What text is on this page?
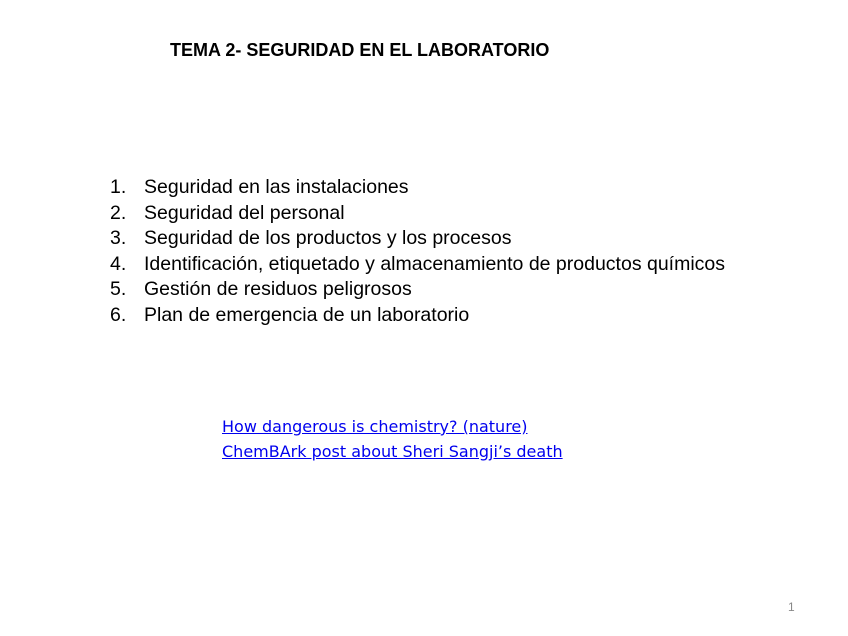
TEMA 2- SEGURIDAD EN EL LABORATORIO
1. Seguridad en las instalaciones
2. Seguridad del personal
3. Seguridad de los productos y los procesos
4. Identificación, etiquetado y almacenamiento de productos químicos
5. Gestión de residuos peligrosos
6. Plan de emergencia de un laboratorio
How dangerous is chemistry? (nature)
ChemBArk post about Sheri Sangji’s death
1
